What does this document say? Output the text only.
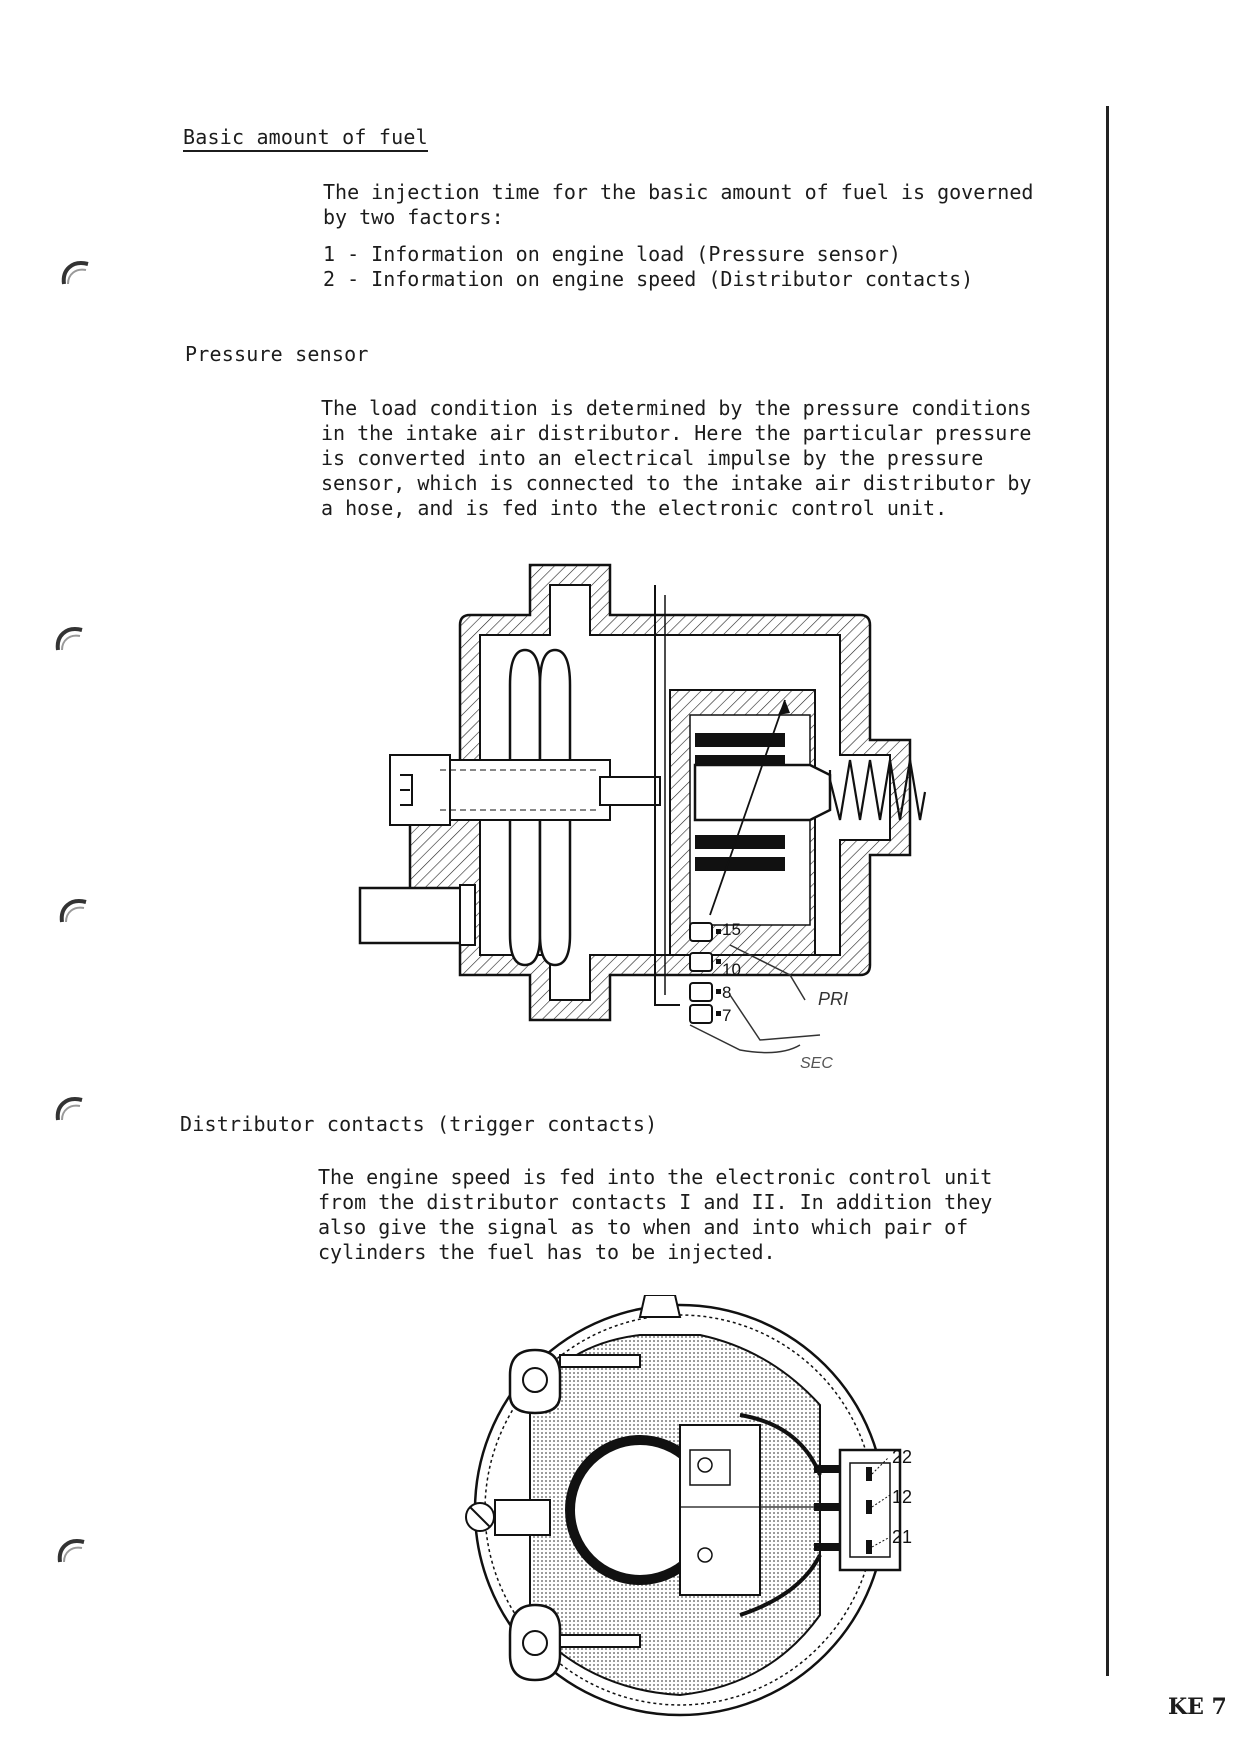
Basic amount of fuel

The injection time for the basic amount of fuel is governed

by two factors:

1 - Information on engine load (Pressure sensor)
2 - Information on engine speed (Distributor contacts)
Pressure sensor

The load condition is determined by the pressure conditions

in the intake air distributor. Here the particular pressure

is converted into an electrical impulse by the pressure

sensor, which is connected to the intake air distributor by

a hose, and is fed into the electronic control unit.

15
10
8
7
PRI
SEC
Distributor contacts (trigger contacts)

The engine speed is fed into the electronic control unit

from the distributor contacts I and II. In addition they

also give the signal as to when and into which pair of

cylinders the fuel has to be injected.

22
12
21
KE 7
